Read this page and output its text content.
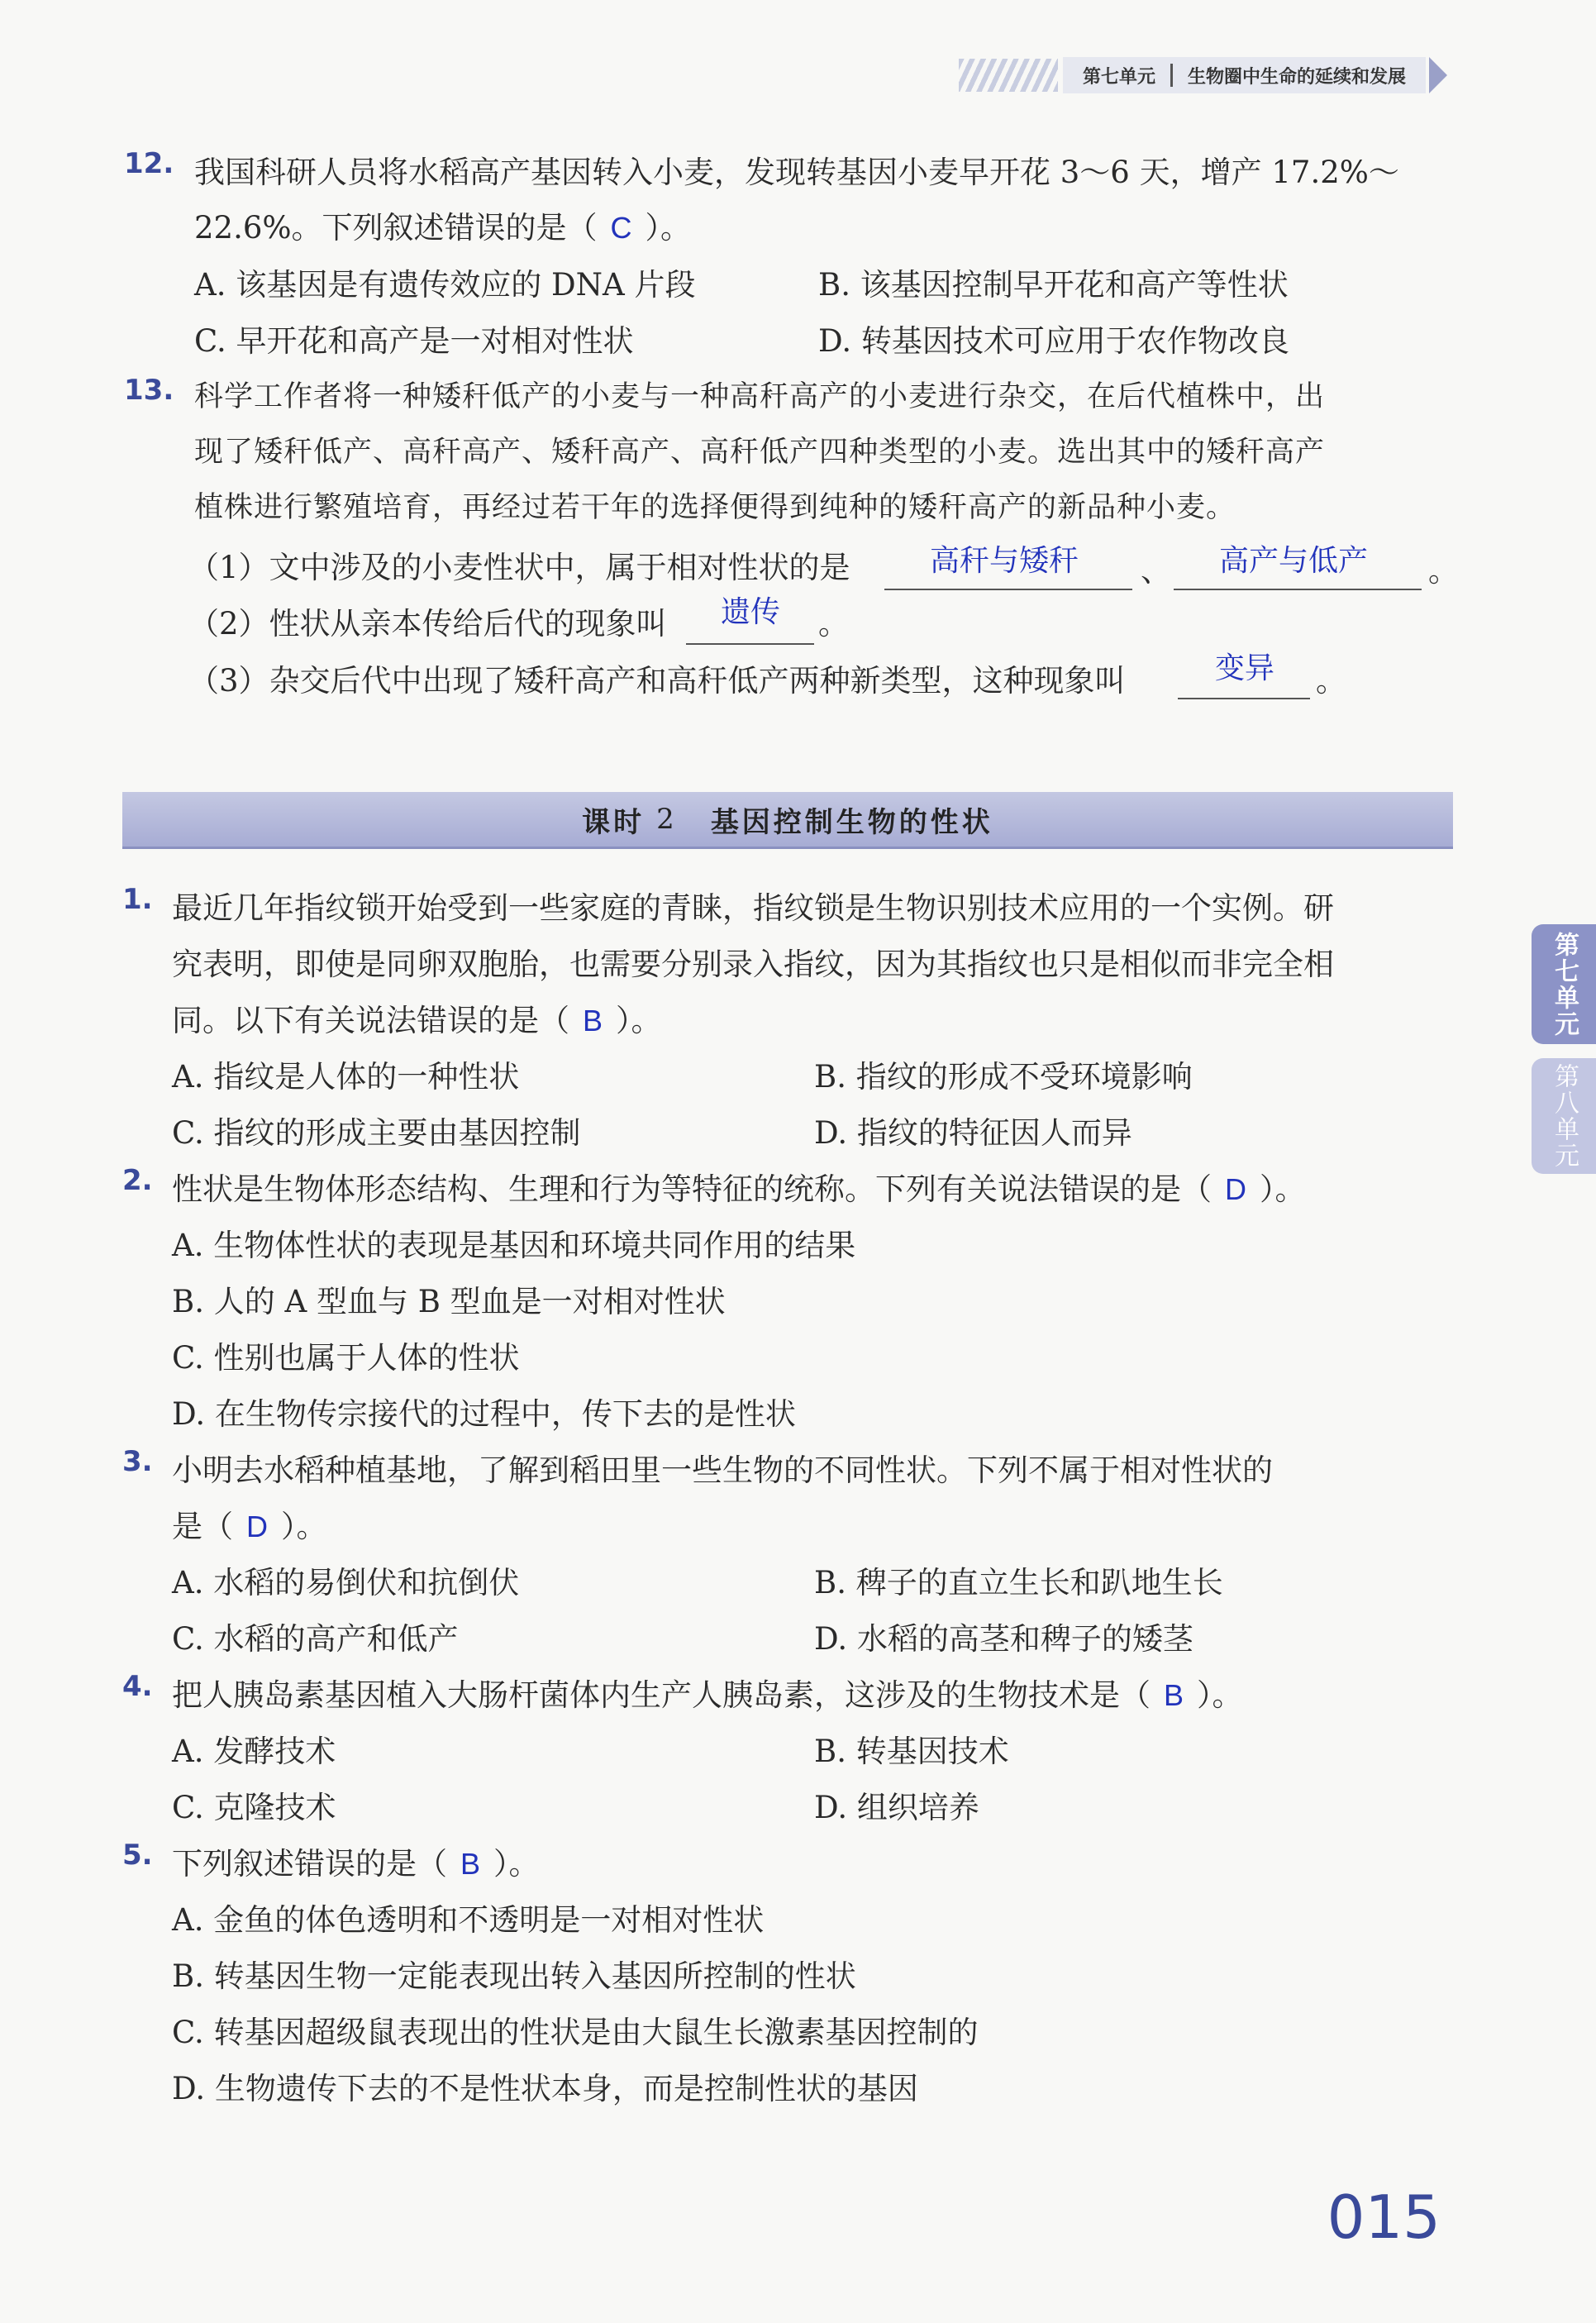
第七单元 生物圈中生命的延续和发展
12. 我国科研人员将水稻高产基因转入小麦，发现转基因小麦早开花 3～6 天，增产 17.2%～
22.6%。下列叙述错误的是（ C ）。
A. 该基因是有遗传效应的 DNA 片段	B. 该基因控制早开花和高产等性状
C. 早开花和高产是一对相对性状	D. 转基因技术可应用于农作物改良
13. 科学工作者将一种矮秆低产的小麦与一种高秆高产的小麦进行杂交，在后代植株中，出
现了矮秆低产、高秆高产、矮秆高产、高秆低产四种类型的小麦。选出其中的矮秆高产
植株进行繁殖培育，再经过若干年的选择便得到纯种的矮秆高产的新品种小麦。
（1）文中涉及的小麦性状中，属于相对性状的是	高秆与矮秆 、 高产与低产 。
（2）性状从亲本传给后代的现象叫 遗传 。
（3）杂交后代中出现了矮秆高产和高秆低产两种新类型，这种现象叫	变异 。
课时 2 基因控制生物的性状
1. 最近几年指纹锁开始受到一些家庭的青睐，指纹锁是生物识别技术应用的一个实例。研
究表明，即使是同卵双胞胎，也需要分别录入指纹，因为其指纹也只是相似而非完全相
同。以下有关说法错误的是（ B ）。
A. 指纹是人体的一种性状	B. 指纹的形成不受环境影响
C. 指纹的形成主要由基因控制	D. 指纹的特征因人而异
2. 性状是生物体形态结构、生理和行为等特征的统称。下列有关说法错误的是（ D ）。
A. 生物体性状的表现是基因和环境共同作用的结果
B. 人的 A 型血与 B 型血是一对相对性状
C. 性别也属于人体的性状
D. 在生物传宗接代的过程中，传下去的是性状
3. 小明去水稻种植基地，了解到稻田里一些生物的不同性状。下列不属于相对性状的
是（ D ）。
A. 水稻的易倒伏和抗倒伏	B. 稗子的直立生长和趴地生长
C. 水稻的高产和低产	D. 水稻的高茎和稗子的矮茎
4. 把人胰岛素基因植入大肠杆菌体内生产人胰岛素，这涉及的生物技术是（ B ）。
A. 发酵技术	B. 转基因技术
C. 克隆技术	D. 组织培养
5. 下列叙述错误的是（ B ）。
A. 金鱼的体色透明和不透明是一对相对性状
B. 转基因生物一定能表现出转入基因所控制的性状
C. 转基因超级鼠表现出的性状是由大鼠生长激素基因控制的
D. 生物遗传下去的不是性状本身，而是控制性状的基因
第七单元
第八单元
015
